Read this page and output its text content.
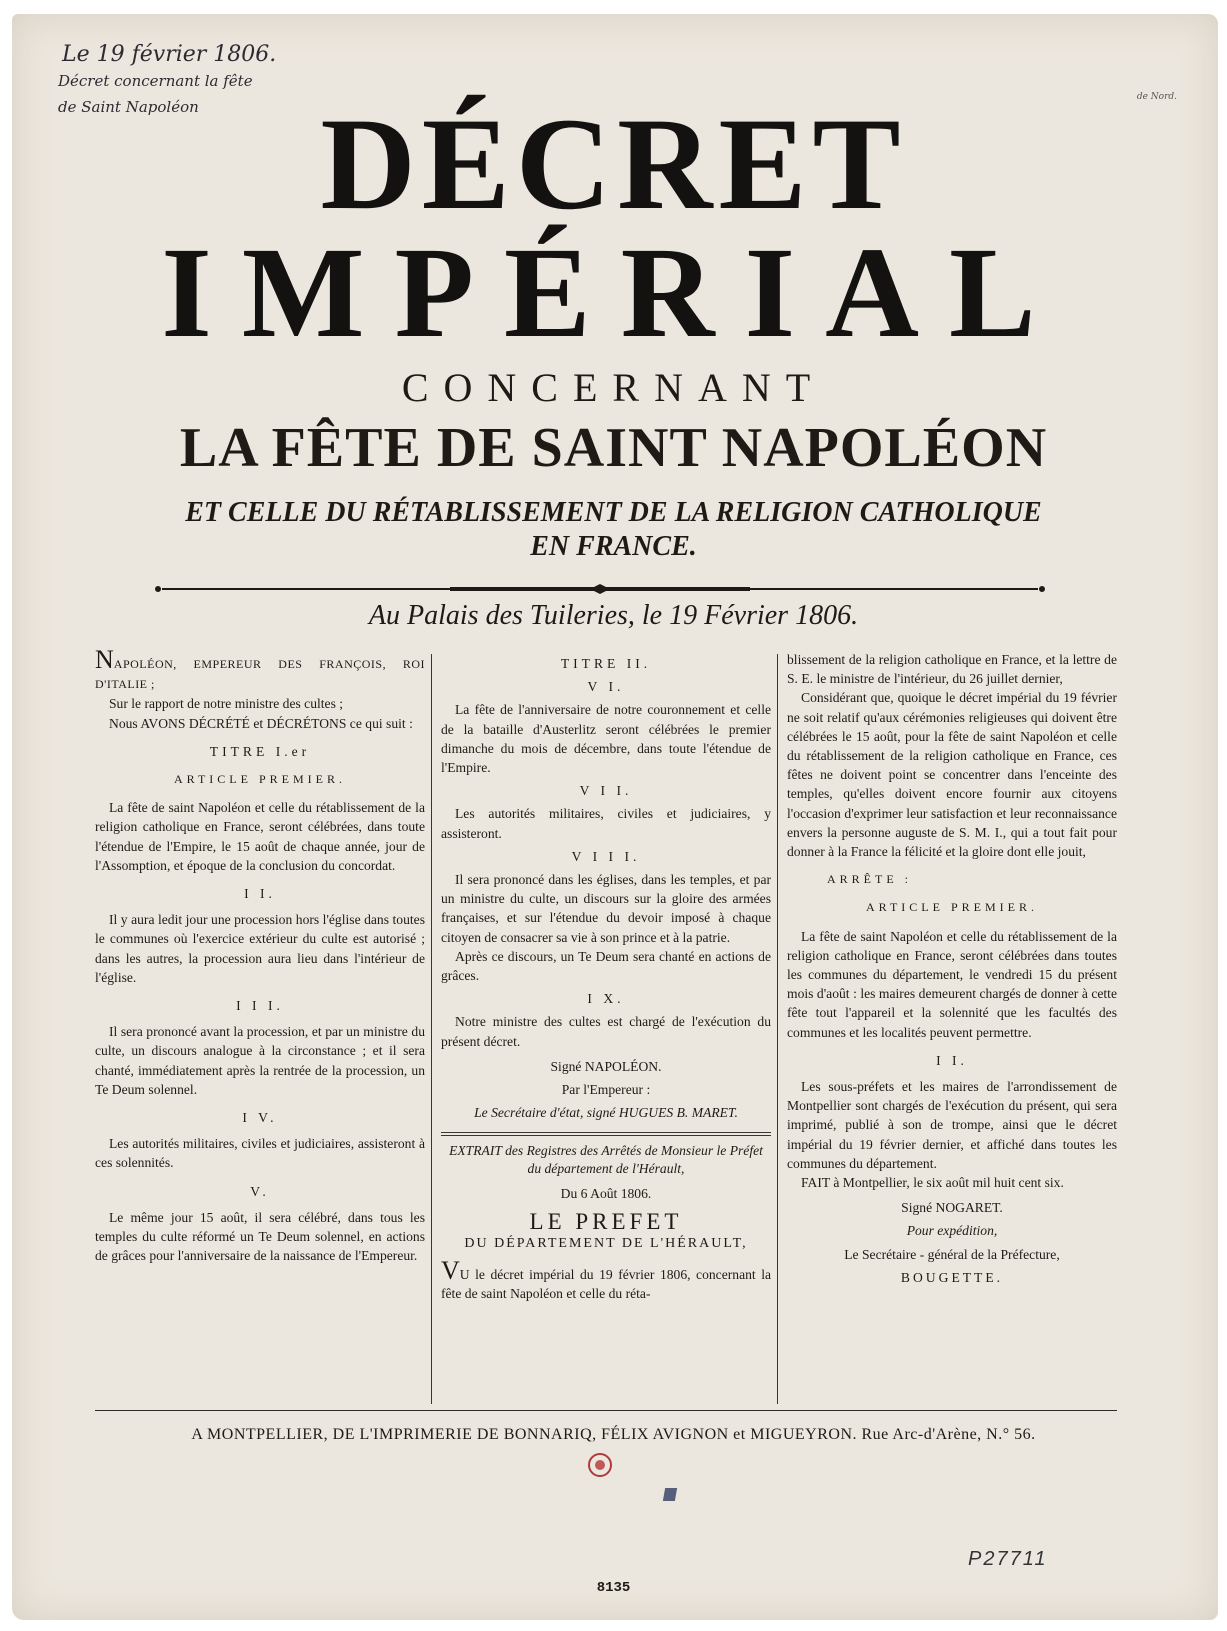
Le 19 février 1806.
Décret concernant la fête
de Saint Napoléon
de Nord.
DÉCRET
IMPÉRIAL
CONCERNANT
LA FÊTE DE SAINT NAPOLÉON
ET CELLE DU RÉTABLISSEMENT DE LA RELIGION CATHOLIQUE
EN FRANCE.
Au Palais des Tuileries, le 19 Février 1806.

NAPOLÉON, EMPEREUR DES FRANÇOIS, ROI D'ITALIE ;

Sur le rapport de notre ministre des cultes ;

Nous AVONS DÉCRÉTÉ et DÉCRÉTONS ce qui suit :

TITRE I.er
ARTICLE PREMIER.

La fête de saint Napoléon et celle du rétablissement de la religion catholique en France, seront célébrées, dans toute l'étendue de l'Empire, le 15 août de chaque année, jour de l'Assomption, et époque de la conclusion du concordat.

I I.

Il y aura ledit jour une procession hors l'église dans toutes le communes où l'exercice extérieur du culte est autorisé ; dans les autres, la procession aura lieu dans l'intérieur de l'église.

I I I.

Il sera prononcé avant la procession, et par un ministre du culte, un discours analogue à la circonstance ; et il sera chanté, immédiatement après la rentrée de la procession, un Te Deum solennel.

I V.

Les autorités militaires, civiles et judiciaires, assisteront à ces solennités.

V.

Le même jour 15 août, il sera célébré, dans tous les temples du culte réformé un Te Deum solennel, en actions de grâces pour l'anniversaire de la naissance de l'Empereur.

TITRE II.
V I.

La fête de l'anniversaire de notre couronnement et celle de la bataille d'Austerlitz seront célébrées le premier dimanche du mois de décembre, dans toute l'étendue de l'Empire.

V I I.

Les autorités militaires, civiles et judiciaires, y assisteront.

V I I I.

Il sera prononcé dans les églises, dans les temples, et par un ministre du culte, un discours sur la gloire des armées françaises, et sur l'étendue du devoir imposé à chaque citoyen de consacrer sa vie à son prince et à la patrie.

Après ce discours, un Te Deum sera chanté en actions de grâces.

I X.

Notre ministre des cultes est chargé de l'exécution du présent décret.

Signé NAPOLÉON.

Par l'Empereur :

Le Secrétaire d'état, signé HUGUES B. MARET.

EXTRAIT des Registres des Arrêtés de Monsieur le Préfet du département de l'Hérault,

Du 6 Août 1806.

LE PREFET
DU DÉPARTEMENT DE L'HÉRAULT,

VU le décret impérial du 19 février 1806, concernant la fête de saint Napoléon et celle du réta-

blissement de la religion catholique en France, et la lettre de S. E. le ministre de l'intérieur, du 26 juillet dernier,

Considérant que, quoique le décret impérial du 19 février ne soit relatif qu'aux cérémonies religieuses qui doivent être célébrées le 15 août, pour la fête de saint Napoléon et celle du rétablissement de la religion catholique en France, ces fêtes ne doivent point se concentrer dans l'enceinte des temples, qu'elles doivent encore fournir aux citoyens l'occasion d'exprimer leur satisfaction et leur reconnaissance envers la personne auguste de S. M. I., qui a tout fait pour donner à la France la félicité et la gloire dont elle jouit,

ARRÊTE :
ARTICLE PREMIER.

La fête de saint Napoléon et celle du rétablissement de la religion catholique en France, seront célébrées dans toutes les communes du département, le vendredi 15 du présent mois d'août : les maires demeurent chargés de donner à cette fête tout l'appareil et la solennité que les facultés des communes et les localités peuvent permettre.

I I.

Les sous-préfets et les maires de l'arrondissement de Montpellier sont chargés de l'exécution du présent, qui sera imprimé, publié à son de trompe, ainsi que le décret impérial du 19 février dernier, et affiché dans toutes les communes du département.

FAIT à Montpellier, le six août mil huit cent six.

Signé NOGARET.

Pour expédition,

Le Secrétaire - général de la Préfecture,

BOUGETTE.

A MONTPELLIER, DE L'IMPRIMERIE DE BONNARIQ, FÉLIX AVIGNON et MIGUEYRON. Rue Arc-d'Arène, N.° 56.
P27711
8135
